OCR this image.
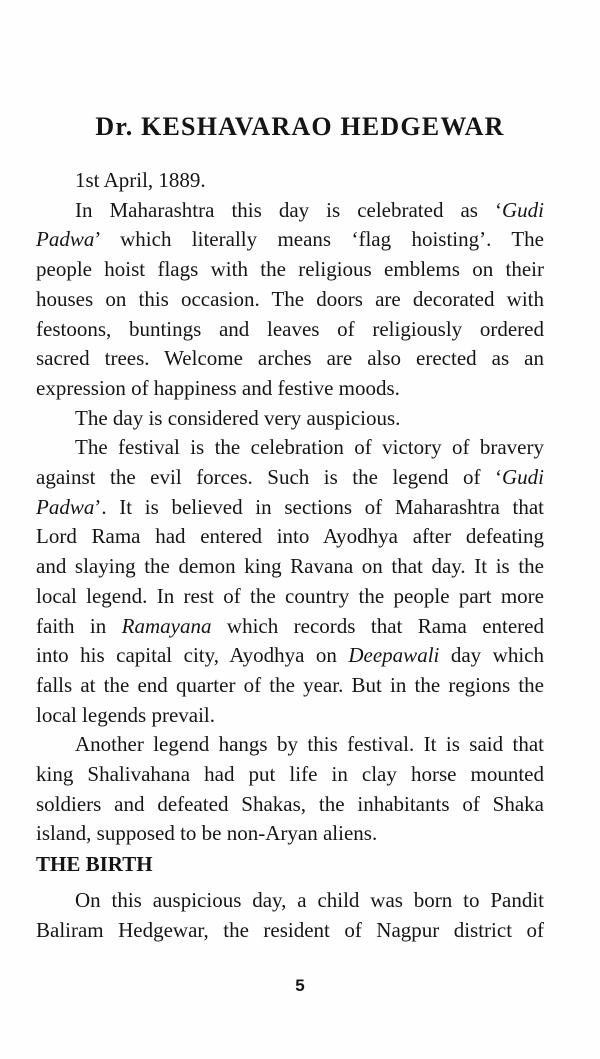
Dr. KESHAVARAO HEDGEWAR
1st April, 1889.
In Maharashtra this day is celebrated as ‘Gudi
Padwa’ which literally means ‘flag hoisting’. The
people hoist flags with the religious emblems on their
houses on this occasion. The doors are decorated with
festoons, buntings and leaves of religiously ordered
sacred trees. Welcome arches are also erected as an
expression of happiness and festive moods.
The day is considered very auspicious.
The festival is the celebration of victory of bravery
against the evil forces. Such is the legend of ‘Gudi
Padwa’. It is believed in sections of Maharashtra that
Lord Rama had entered into Ayodhya after defeating
and slaying the demon king Ravana on that day. It is the
local legend. In rest of the country the people part more
faith in Ramayana which records that Rama entered
into his capital city, Ayodhya on Deepawali day which
falls at the end quarter of the year. But in the regions the
local legends prevail.
Another legend hangs by this festival. It is said that
king Shalivahana had put life in clay horse mounted
soldiers and defeated Shakas, the inhabitants of Shaka
island, supposed to be non-Aryan aliens.
THE BIRTH
On this auspicious day, a child was born to Pandit
Baliram Hedgewar, the resident of Nagpur district of
5
